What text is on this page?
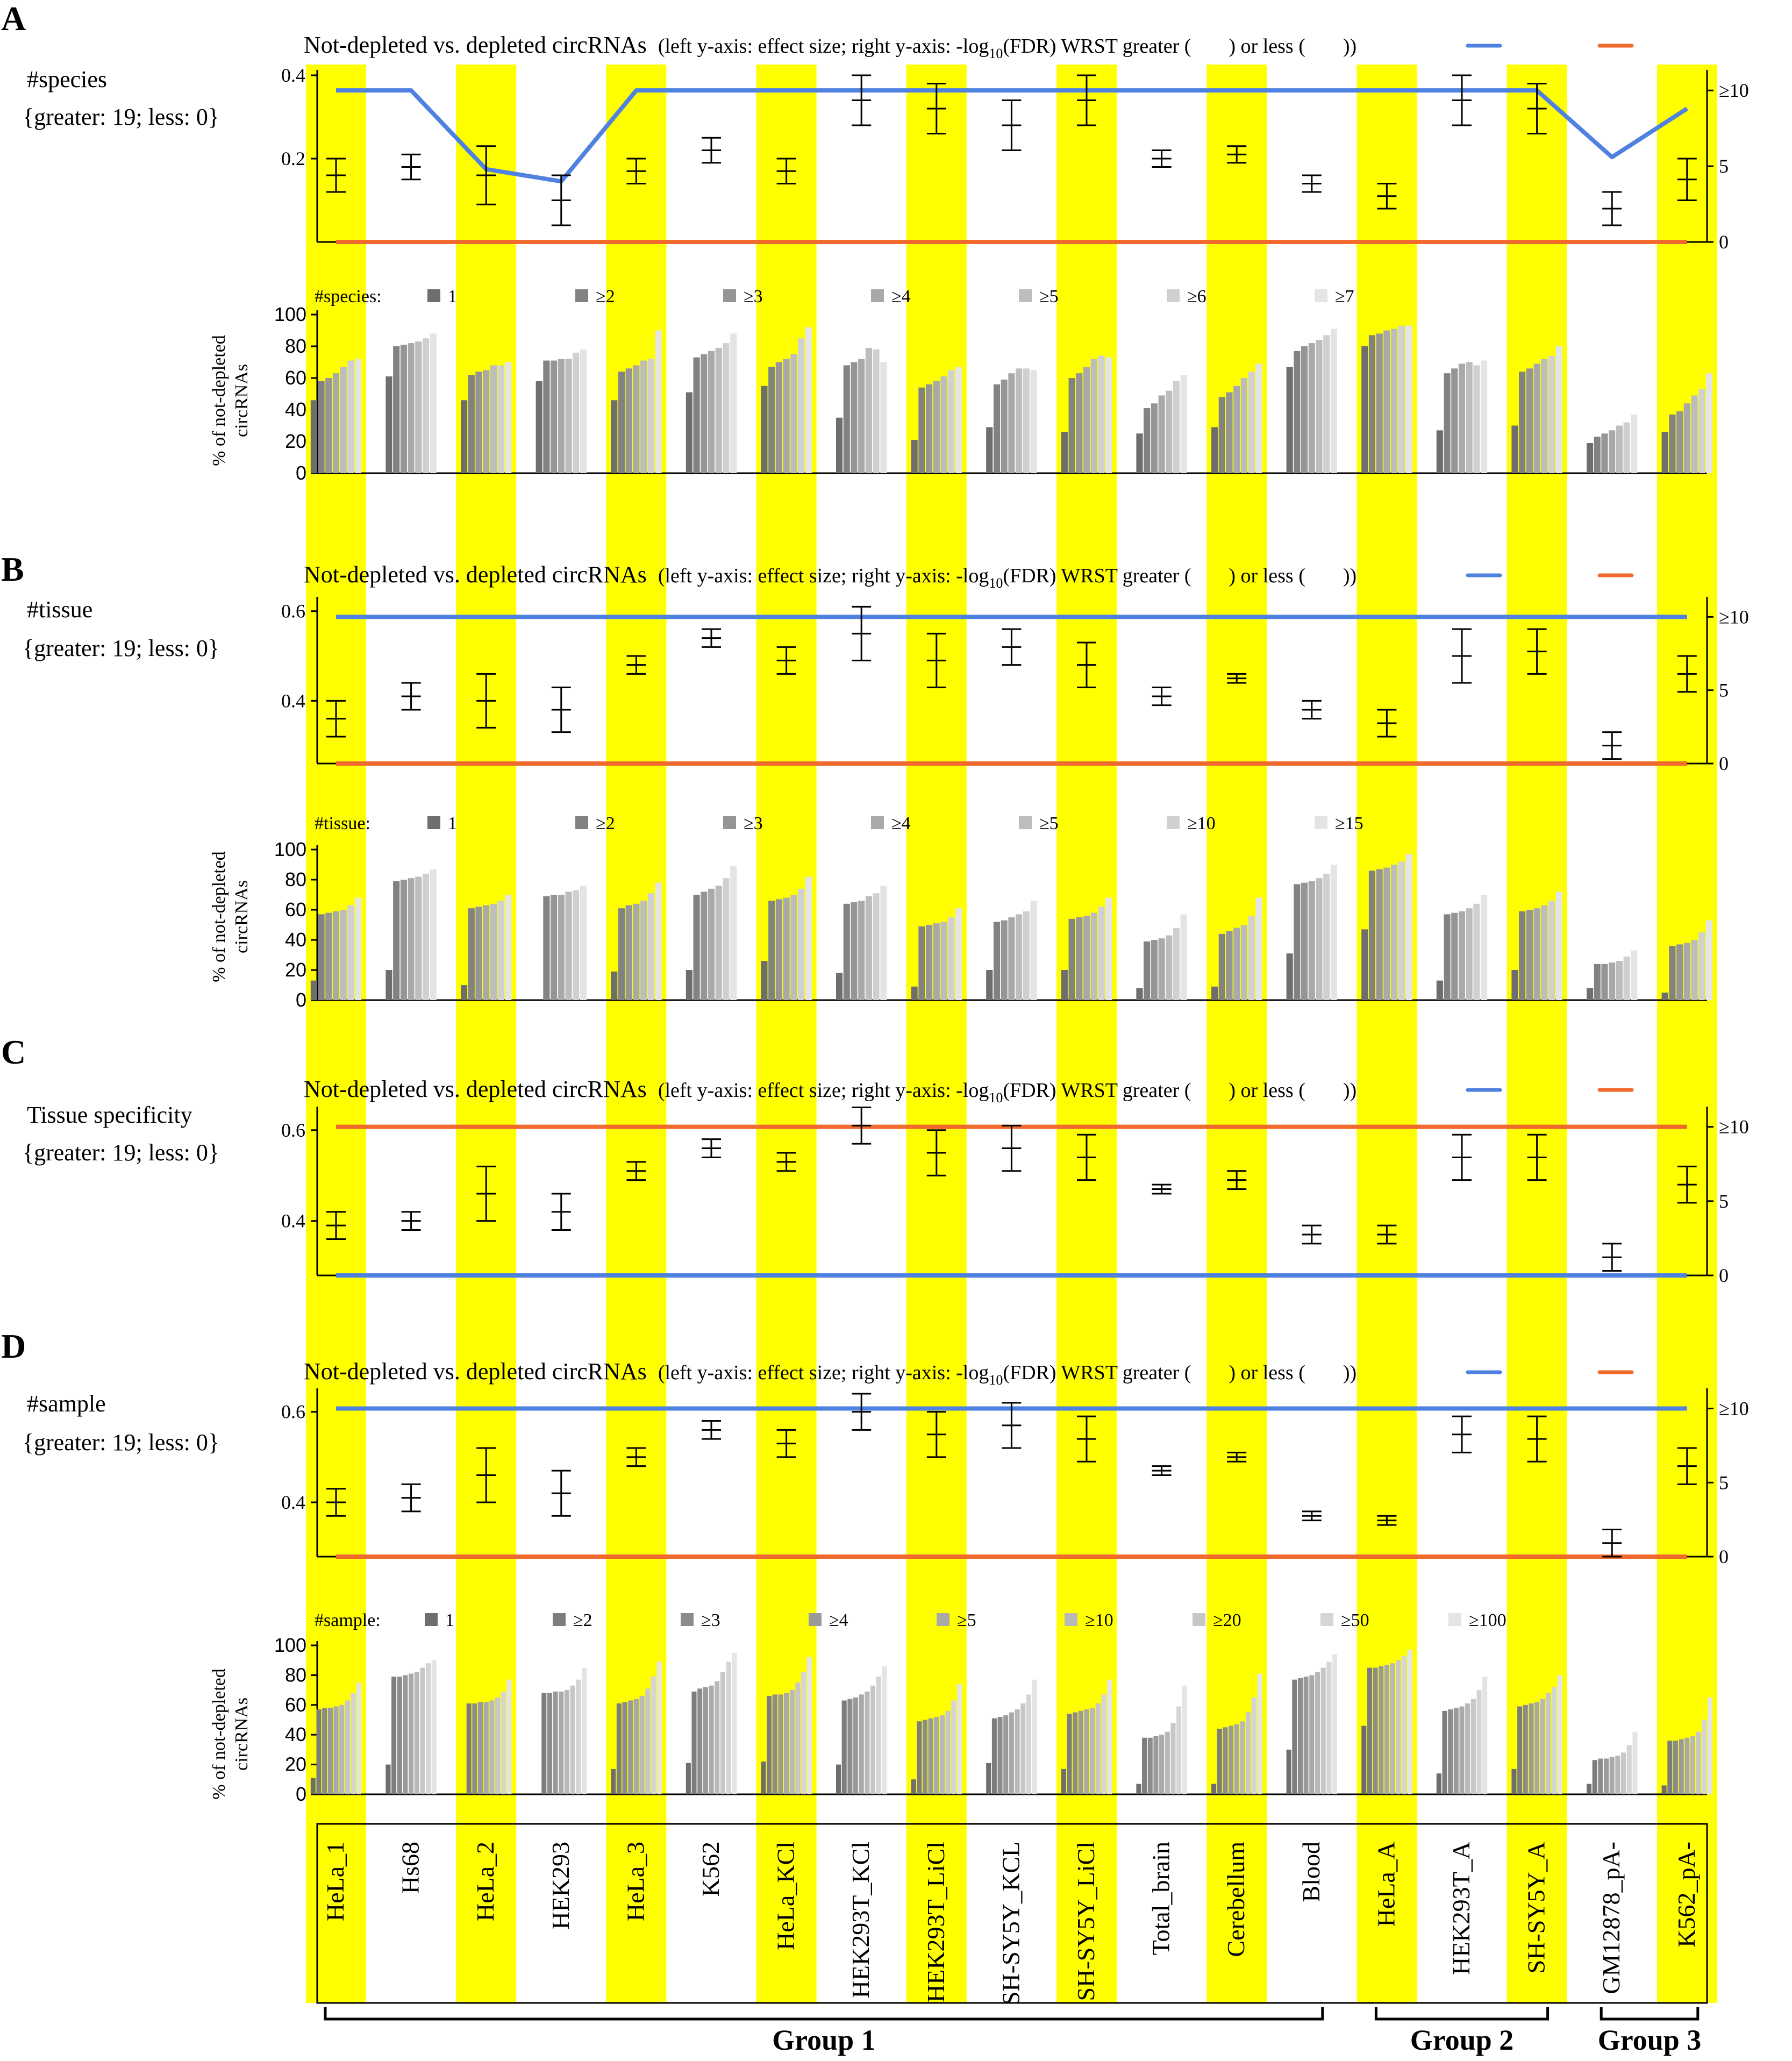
A
B
C
D
#species
{greater: 19; less: 0}
#tissue
{greater: 19; less: 0}
Tissue specificity
{greater: 19; less: 0}
#sample
{greater: 19; less: 0}
Not-depleted vs. depleted circRNAs (left y-axis: effect size; right y-axis: $-\log_{10}(FDR)$ WRST greater ( ) or less ( ))
Not-depleted vs. depleted circRNAs (left y-axis: effect size; right y-axis: $-\log_{10}(FDR)$ WRST greater ( ) or less ( ))
Not-depleted vs. depleted circRNAs (left y-axis: effect size; right y-axis: $-\log_{10}(FDR)$ WRST greater ( ) or less ( ))
Not-depleted vs. depleted circRNAs (left y-axis: effect size; right y-axis: $-\log_{10}(FDR)$ WRST greater ( ) or less ( ))
% of not-depleted circRNAs
% of not-depleted circRNAs
% of not-depleted circRNAs
0.2
0.4
0
5
≥10
0.4
0.6
0
5
≥10
0.4
0.6
0
5
≥10
0.4
0.6
0
5
≥10
0
20
40
60
80
100
#species:	1	≥2	≥3	≥4	≥5	≥6	≥7
0
20
40
60
80
100
#tissue:	1	≥2	≥3	≥4	≥5	≥10	≥15
0
20
40
60
80
100
#sample:	1	≥2	≥3	≥4	≥5	≥10	≥20	≥50	≥100
HeLa_1 Hs68 HeLa_2 HEK293 HeLa_3 K562 HeLa_KCl HEK293T_KCl HEK293T_LiCl SH-SY5Y_KCL SH-SY5Y_LiCl Total_brain Cerebellum Blood HeLa_A HEK293T_A SH-SY5Y_A GM12878_pA- K562_pA-
Group 1	Group 2	Group 3
